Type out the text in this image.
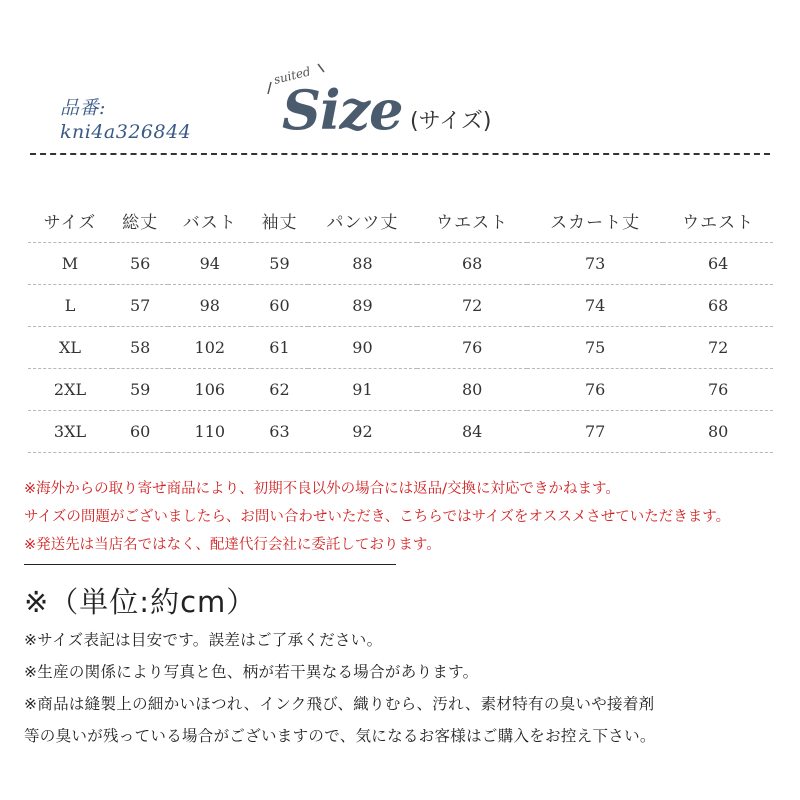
品番:
kni4a326844
suited
Size (サイズ)
サイズ	総丈	バスト	袖丈	パンツ丈	ウエスト	スカート丈	ウエスト
M	56	94	59	88	68	73	64
L	57	98	60	89	72	74	68
XL	58	102	61	90	76	75	72
2XL	59	106	62	91	80	76	76
3XL	60	110	63	92	84	77	80
※海外からの取り寄せ商品により、初期不良以外の場合には返品/交換に対応できかねます。
サイズの問題がございましたら、お問い合わせいただき、こちらではサイズをオススメさせていただきます。
※発送先は当店名ではなく、配達代行会社に委託しております。
※（単位:約cm）
※サイズ表記は目安です。誤差はご了承ください。
※生産の関係により写真と色、柄が若干異なる場合があります。
※商品は縫製上の細かいほつれ、インク飛び、織りむら、汚れ、素材特有の臭いや接着剤
等の臭いが残っている場合がございますので、気になるお客様はご購入をお控え下さい。
